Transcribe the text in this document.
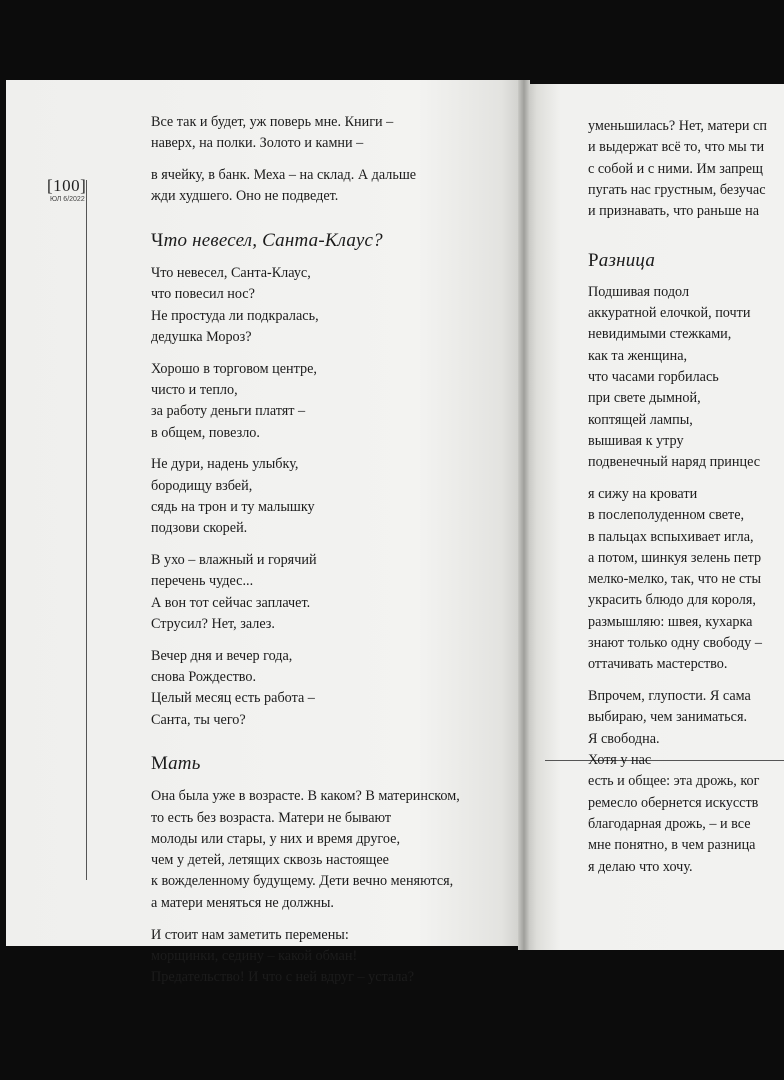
[100]
ЮЛ 6/2022

Все так и будет, уж поверь мне. Книги –

наверх, на полки. Золото и камни –

в ячейку, в банк. Меха – на склад. А дальше

жди худшего. Оно не подведет.

Что невесел, Санта-Клаус?

Что невесел, Санта-Клаус,

что повесил нос?

Не простуда ли подкралась,

дедушка Мороз?

Хорошо в торговом центре,

чисто и тепло,

за работу деньги платят –

в общем, повезло.

Не дури, надень улыбку,

бородищу взбей,

сядь на трон и ту малышку

подзови скорей.

В ухо – влажный и горячий

перечень чудес...

А вон тот сейчас заплачет.

Струсил? Нет, залез.

Вечер дня и вечер года,

снова Рождество.

Целый месяц есть работа –

Санта, ты чего?

Мать

Она была уже в возрасте. В каком? В материнском,

то есть без возраста. Матери не бывают

молоды или стары, у них и время другое,

чем у детей, летящих сквозь настоящее

к вожделенному будущему. Дети вечно меняются,

а матери меняться не должны.

И стоит нам заметить перемены:

морщинки, седину – какой обман!

Предательство! И что с ней вдруг – устала?

уменьшилась? Нет, матери сп

и выдержат всё то, что мы ти

с собой и с ними. Им запрещ

пугать нас грустным, безучас

и признавать, что раньше на

Разница

Подшивая подол

аккуратной елочкой, почти

невидимыми стежками,

как та женщина,

что часами горбилась

при свете дымной,

коптящей лампы,

вышивая к утру

подвенечный наряд принцес

я сижу на кровати

в послеполуденном свете,

в пальцах вспыхивает игла,

а потом, шинкуя зелень петр

мелко-мелко, так, что не сты

украсить блюдо для короля,

размышляю: швея, кухарка

знают только одну свободу –

оттачивать мастерство.

Впрочем, глупости. Я сама

выбираю, чем заниматься.

Я свободна.

Хотя у нас

есть и общее: эта дрожь, ког

ремесло обернется искусств

благодарная дрожь, – и все

мне понятно, в чем разница

я делаю что хочу.
